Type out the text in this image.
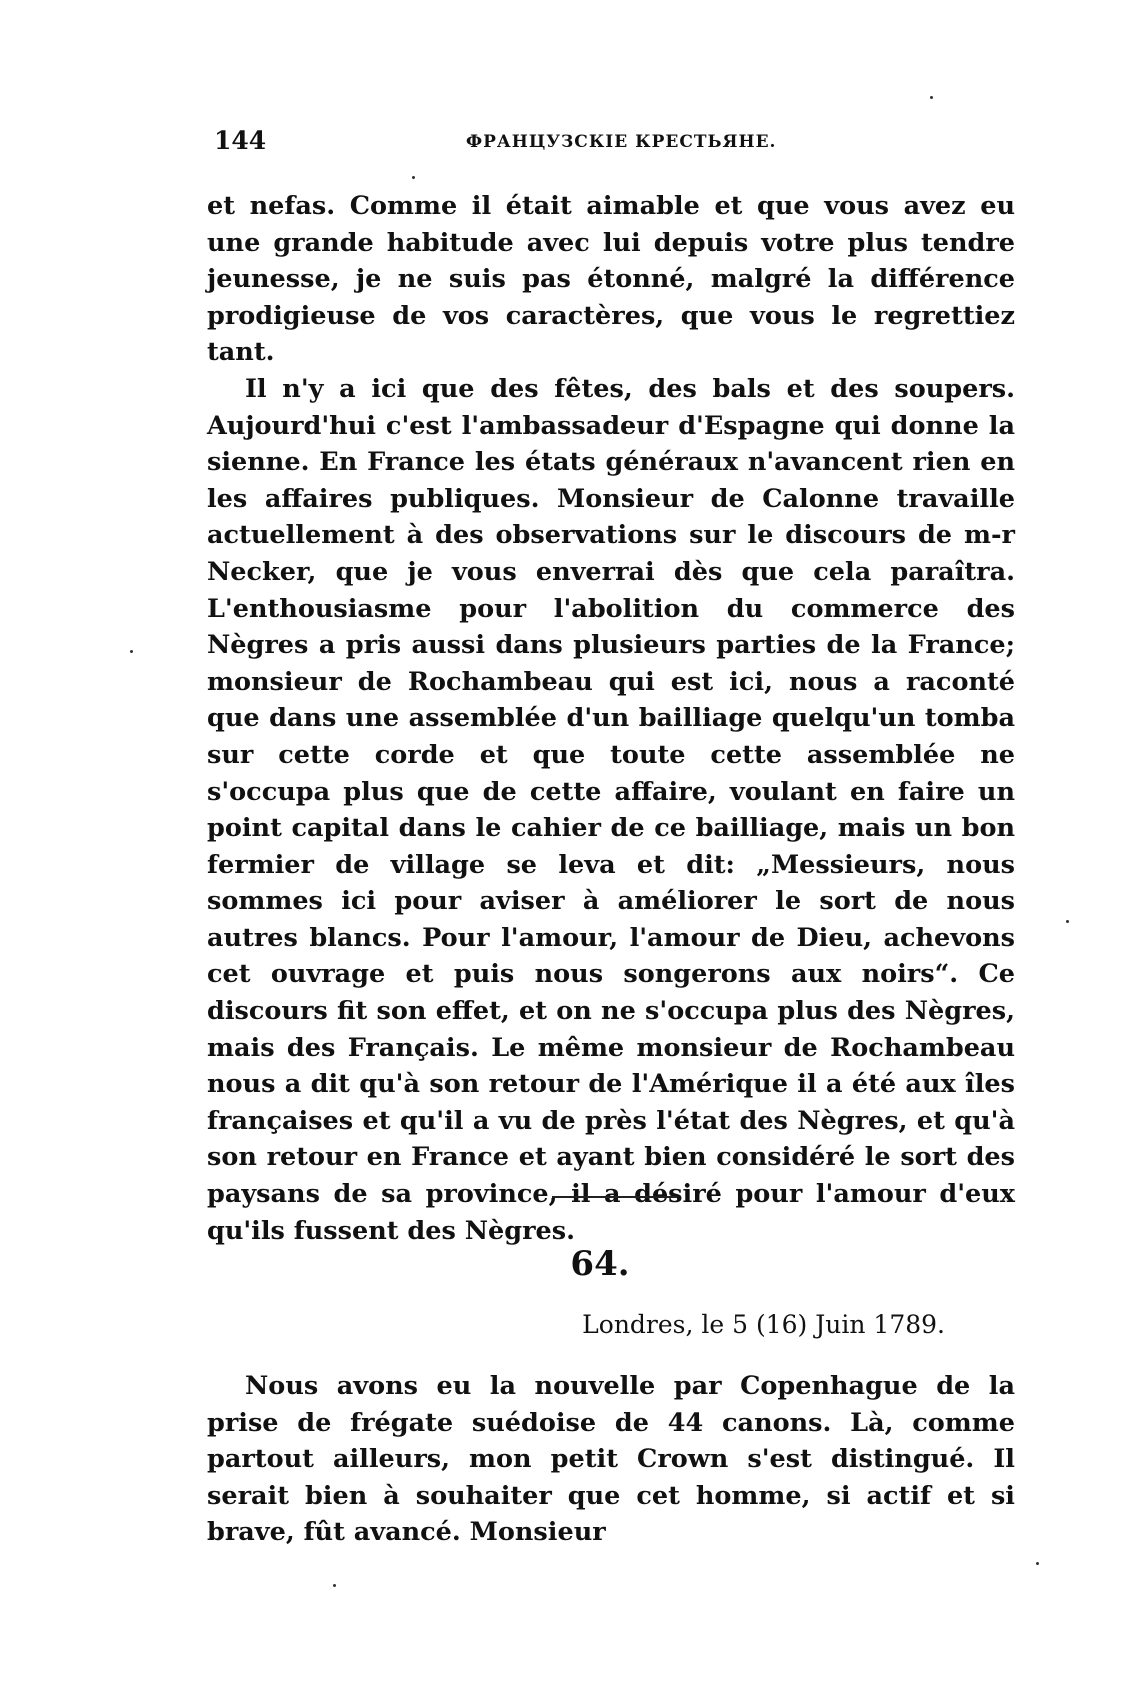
144	ФРАНЦУЗСКІЕ КРЕСТЬЯНЕ.

et nefas. Comme il était aimable et que vous avez eu une grande habitude avec lui depuis votre plus tendre jeunesse, je ne suis pas étonné, malgré la différence prodigieuse de vos caractères, que vous le regrettiez tant.

Il n'y a ici que des fêtes, des bals et des soupers. Aujourd'hui c'est l'ambassadeur d'Espagne qui donne la sienne. En France les états généraux n'avancent rien en les affaires publiques. Monsieur de Calonne travaille actuellement à des observations sur le discours de m-r Necker, que je vous enverrai dès que cela paraîtra. L'enthousiasme pour l'abolition du commerce des Nègres a pris aussi dans plusieurs parties de la France; monsieur de Rochambeau qui est ici, nous a raconté que dans une assemblée d'un bailliage quelqu'un tomba sur cette corde et que toute cette assemblée ne s'occupa plus que de cette affaire, voulant en faire un point capital dans le cahier de ce bailliage, mais un bon fermier de village se leva et dit: „Messieurs, nous sommes ici pour aviser à améliorer le sort de nous autres blancs. Pour l'amour, l'amour de Dieu, achevons cet ouvrage et puis nous songerons aux noirs“. Ce discours fit son effet, et on ne s'occupa plus des Nègres, mais des Français. Le même monsieur de Rochambeau nous a dit qu'à son retour de l'Amérique il a été aux îles françaises et qu'il a vu de près l'état des Nègres, et qu'à son retour en France et ayant bien considéré le sort des paysans de sa province, il a désiré pour l'amour d'eux qu'ils fussent des Nègres.

64.
Londres, le 5 (16) Juin 1789.

Nous avons eu la nouvelle par Copenhague de la prise de frégate suédoise de 44 canons. Là, comme partout ailleurs, mon petit Crown s'est distingué. Il serait bien à souhaiter que cet homme, si actif et si brave, fût avancé. Monsieur
